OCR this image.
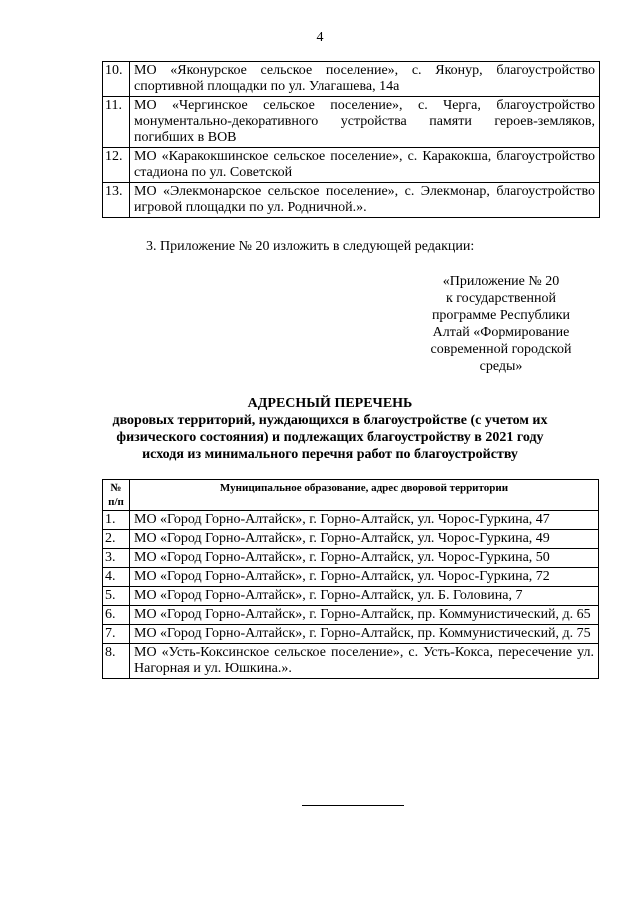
4
10.	МО «Яконурское сельское поселение», с. Яконур, благоустройство спортивной площадки по ул. Улагашева, 14а
11.	МО «Чергинское сельское поселение», с. Черга, благоустройство монументально-декоративного устройства памяти героев-земляков, погибших в ВОВ
12.	МО «Каракокшинское сельское поселение», с. Каракокша, благоустройство стадиона по ул. Советской
13.	МО «Элекмонарское сельское поселение», с. Элекмонар, благоустройство игровой площадки по ул. Родничной.».
3. Приложение № 20 изложить в следующей редакции:
«Приложение № 20
к государственной
программе Республики
Алтай «Формирование
современной городской
среды»
АДРЕСНЫЙ ПЕРЕЧЕНЬ
дворовых территорий, нуждающихся в благоустройстве (с учетом их физического состояния) и подлежащих благоустройству в 2021 году исходя из минимального перечня работ по благоустройству
№ п/п	Муниципальное образование, адрес дворовой территории
1.	МО «Город Горно-Алтайск», г. Горно-Алтайск, ул. Чорос-Гуркина, 47
2.	МО «Город Горно-Алтайск», г. Горно-Алтайск, ул. Чорос-Гуркина, 49
3.	МО «Город Горно-Алтайск», г. Горно-Алтайск, ул. Чорос-Гуркина, 50
4.	МО «Город Горно-Алтайск», г. Горно-Алтайск, ул. Чорос-Гуркина, 72
5.	МО «Город Горно-Алтайск», г. Горно-Алтайск, ул. Б. Головина, 7
6.	МО «Город Горно-Алтайск», г. Горно-Алтайск, пр. Коммунистический, д. 65
7.	МО «Город Горно-Алтайск», г. Горно-Алтайск, пр. Коммунистический, д. 75
8.	МО «Усть-Коксинское сельское поселение», с. Усть-Кокса, пересечение ул. Нагорная и ул. Юшкина.».
